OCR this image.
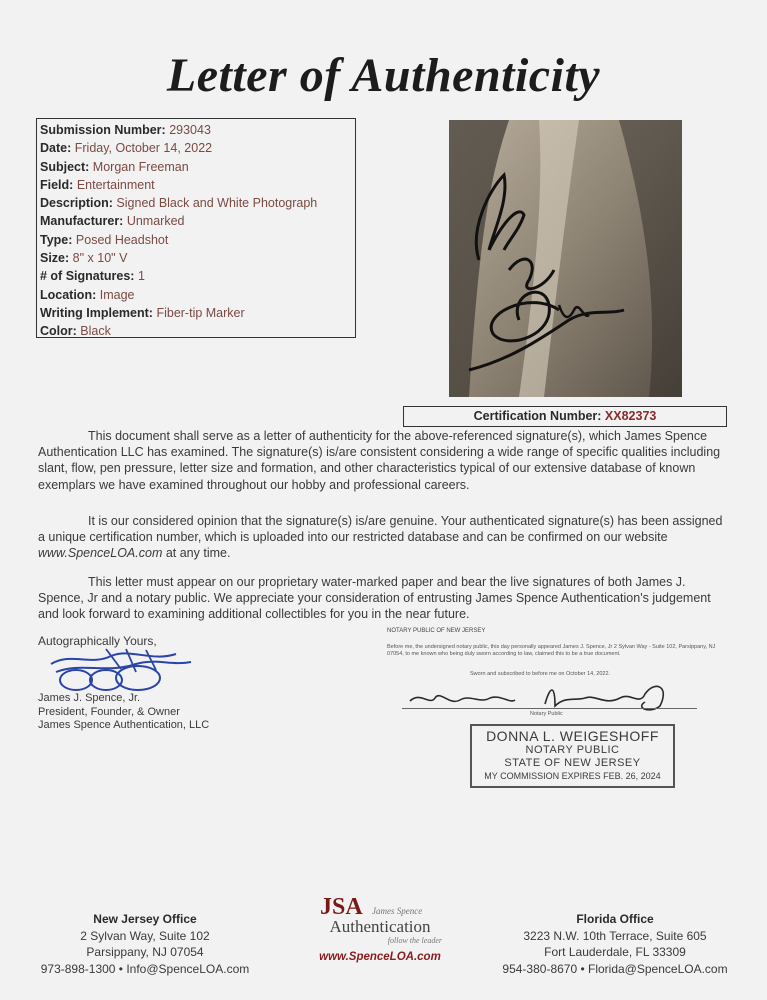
Letter of Authenticity
Submission Number: 293043
Date: Friday, October 14, 2022
Subject: Morgan Freeman
Field: Entertainment
Description: Signed Black and White Photograph
Manufacturer: Unmarked
Type: Posed Headshot
Size: 8" x 10" V
# of Signatures: 1
Location: Image
Writing Implement: Fiber-tip Marker
Color: Black
Certification Number: XX82373
This document shall serve as a letter of authenticity for the above-referenced signature(s), which James Spence Authentication LLC has examined. The signature(s) is/are consistent considering a wide range of specific qualities including slant, flow, pen pressure, letter size and formation, and other characteristics typical of our extensive database of known exemplars we have examined throughout our hobby and professional careers.
It is our considered opinion that the signature(s) is/are genuine. Your authenticated signature(s) has been assigned a unique certification number, which is uploaded into our restricted database and can be confirmed on our website www.SpenceLOA.com at any time.
This letter must appear on our proprietary water-marked paper and bear the live signatures of both James J. Spence, Jr and a notary public. We appreciate your consideration of entrusting James Spence Authentication's judgement and look forward to examining additional collectibles for you in the near future.
Autographically Yours,
James J. Spence, Jr.
President, Founder, & Owner
James Spence Authentication, LLC
NOTARY PUBLIC OF NEW JERSEY
Before me, the undersigned notary public, this day personally appeared James J. Spence, Jr 2 Sylvan Way - Suite 102, Parsippany, NJ 07054, to me known who being duly sworn according to law, claimed this to be a true document.
Sworn and subscribed to before me on October 14, 2022.
Notary Public
DONNA L. WEIGESHOFF
NOTARY PUBLIC
STATE OF NEW JERSEY
MY COMMISSION EXPIRES FEB. 26, 2024
New Jersey Office
2 Sylvan Way, Suite 102
Parsippany, NJ 07054
973-898-1300 • Info@SpenceLOA.com
JSA	James Spence
Authentication
follow the leader
www.SpenceLOA.com
Florida Office
3223 N.W. 10th Terrace, Suite 605
Fort Lauderdale, FL 33309
954-380-8670 • Florida@SpenceLOA.com
